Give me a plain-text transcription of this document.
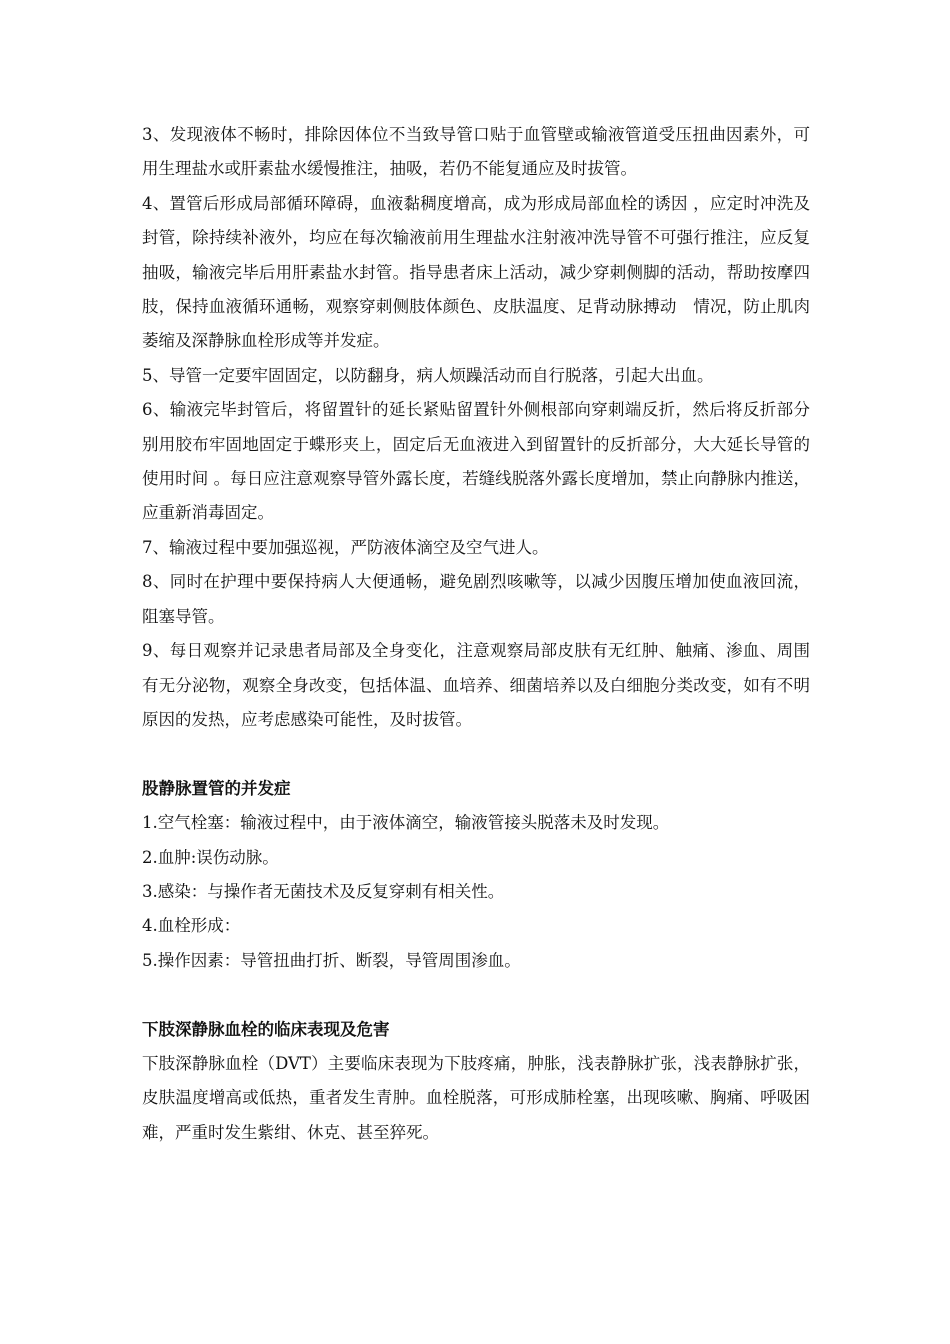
3、发现液体不畅时，排除因体位不当致导管口贴于血管壁或输液管道受压扭曲因素外，可用生理盐水或肝素盐水缓慢推注，抽吸，若仍不能复通应及时拔管。

4、置管后形成局部循环障碍，血液黏稠度增高，成为形成局部血栓的诱因 ，应定时冲洗及封管，除持续补液外，均应在每次输液前用生理盐水注射液冲洗导管不可强行推注，应反复抽吸，输液完毕后用肝素盐水封管。指导患者床上活动，减少穿刺侧脚的活动，帮助按摩四肢，保持血液循环通畅，观察穿刺侧肢体颜色、皮肤温度、足背动脉搏动　情况，防止肌肉萎缩及深静脉血栓形成等并发症。

5、导管一定要牢固固定，以防翻身，病人烦躁活动而自行脱落，引起大出血。

6、输液完毕封管后，将留置针的延长紧贴留置针外侧根部向穿刺端反折，然后将反折部分别用胶布牢固地固定于蝶形夹上，固定后无血液进入到留置针的反折部分，大大延长导管的使用时间 。每日应注意观察导管外露长度，若缝线脱落外露长度增加，禁止向静脉内推送，应重新消毒固定。

7、输液过程中要加强巡视，严防液体滴空及空气进人。

8、同时在护理中要保持病人大便通畅，避免剧烈咳嗽等，以减少因腹压增加使血液回流，阻塞导管。

9、每日观察并记录患者局部及全身变化，注意观察局部皮肤有无红肿、触痛、渗血、周围有无分泌物，观察全身改变，包括体温、血培养、细菌培养以及白细胞分类改变，如有不明原因的发热，应考虑感染可能性，及时拔管。

股静脉置管的并发症

1.空气栓塞：输液过程中，由于液体滴空，输液管接头脱落未及时发现。

2.血肿:误伤动脉。

3.感染：与操作者无菌技术及反复穿刺有相关性。

4.血栓形成：

5.操作因素：导管扭曲打折、断裂，导管周围渗血。

下肢深静脉血栓的临床表现及危害

下肢深静脉血栓（DVT）主要临床表现为下肢疼痛，肿胀，浅表静脉扩张，浅表静脉扩张，皮肤温度增高或低热，重者发生青肿。血栓脱落，可形成肺栓塞，出现咳嗽、胸痛、呼吸困难，严重时发生紫绀、休克、甚至猝死。
